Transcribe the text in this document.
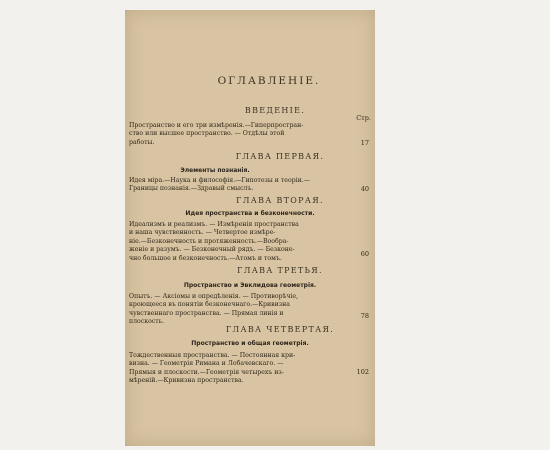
ОГЛАВЛЕНІЕ.
ВВЕДЕНІЕ.
Стр.
Пространство и его три измѣренія.—Гиперпростран-
ство или высшее пространство. — Отдѣлы этой
работы.	17
ГЛАВА ПЕРВАЯ.
Элементы познанія.
Идея міра.—Наука и философія.—Гипотезы и теоріи.—
Границы познанія.—Здравый смыслъ.	40
ГЛАВА ВТОРАЯ.
Идея пространства и безконечности.
Идеализмъ и реализмъ. — Измѣренія пространства
и наша чувственность. — Четвертое измѣре-
ніе.—Безконечность и протяженность.—Вообра-
женіе и разумъ. — Безконечный рядъ. — Безконе-
чно большое и безконечность.—Атомъ и томъ.
60
ГЛАВА ТРЕТЬЯ.
Пространство и Эвклидова геометрія.
Опытъ. — Аксіомы и опредѣленія. — Противорѣчіе,
кроющееся въ понятіи безконечнаго.—Кривизна
чувственнаго пространства. — Прямая линія и
плоскость.
78
ГЛАВА ЧЕТВЕРТАЯ.
Пространство и общая геометрія.
Тождественныя пространства. — Постоянная кри-
визна. — Геометрія Римана и Лобачевскаго. —
Прямыя и плоскости.—Геометрія четырехъ из-
мѣреній.—Кривизна пространства.
102
